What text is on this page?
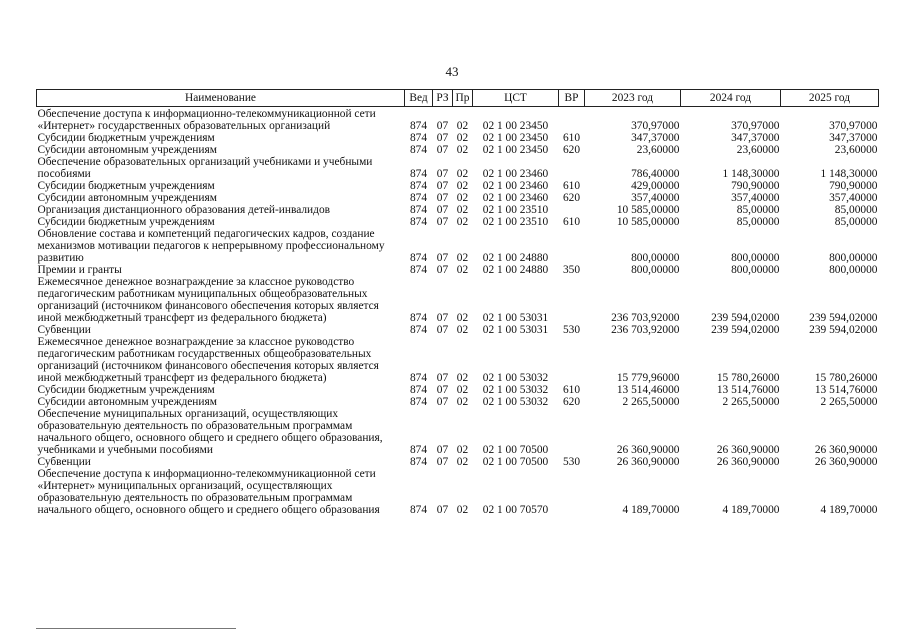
43
Наименование	Вед	РЗ	Пр	ЦСТ	ВР	2023 год	2024 год	2025 год
Обеспечение доступа к информационно-телекоммуникационной сети «Интернет» государственных образовательных организаций	874	07	02	02 1 00 23450		370,97000	370,97000	370,97000
Субсидии бюджетным учреждениям	874	07	02	02 1 00 23450	610	347,37000	347,37000	347,37000
Субсидии автономным учреждениям	874	07	02	02 1 00 23450	620	23,60000	23,60000	23,60000
Обеспечение образовательных организаций учебниками и учебными пособиями	874	07	02	02 1 00 23460		786,40000	1 148,30000	1 148,30000
Субсидии бюджетным учреждениям	874	07	02	02 1 00 23460	610	429,00000	790,90000	790,90000
Субсидии автономным учреждениям	874	07	02	02 1 00 23460	620	357,40000	357,40000	357,40000
Организация дистанционного образования детей-инвалидов	874	07	02	02 1 00 23510		10 585,00000	85,00000	85,00000
Субсидии бюджетным учреждениям	874	07	02	02 1 00 23510	610	10 585,00000	85,00000	85,00000
Обновление состава и компетенций педагогических кадров, создание механизмов мотивации педагогов к непрерывному профессиональному развитию	874	07	02	02 1 00 24880		800,00000	800,00000	800,00000
Премии и гранты	874	07	02	02 1 00 24880	350	800,00000	800,00000	800,00000
Ежемесячное денежное вознаграждение за классное руководство педагогическим работникам муниципальных общеобразовательных организаций (источником финансового обеспечения которых является иной межбюджетный трансферт из федерального бюджета)	874	07	02	02 1 00 53031		236 703,92000	239 594,02000	239 594,02000
Субвенции	874	07	02	02 1 00 53031	530	236 703,92000	239 594,02000	239 594,02000
Ежемесячное денежное вознаграждение за классное руководство педагогическим работникам государственных общеобразовательных организаций (источником финансового обеспечения которых является иной межбюджетный трансферт из федерального бюджета)	874	07	02	02 1 00 53032		15 779,96000	15 780,26000	15 780,26000
Субсидии бюджетным учреждениям	874	07	02	02 1 00 53032	610	13 514,46000	13 514,76000	13 514,76000
Субсидии автономным учреждениям	874	07	02	02 1 00 53032	620	2 265,50000	2 265,50000	2 265,50000
Обеспечение муниципальных организаций, осуществляющих образовательную деятельность по образовательным программам начального общего, основного общего и среднего общего образования, учебниками и учебными пособиями	874	07	02	02 1 00 70500		26 360,90000	26 360,90000	26 360,90000
Субвенции	874	07	02	02 1 00 70500	530	26 360,90000	26 360,90000	26 360,90000
Обеспечение доступа к информационно-телекоммуникационной сети «Интернет» муниципальных организаций, осуществляющих образовательную деятельность по образовательным программам начального общего, основного общего и среднего общего образования	874	07	02	02 1 00 70570		4 189,70000	4 189,70000	4 189,70000
